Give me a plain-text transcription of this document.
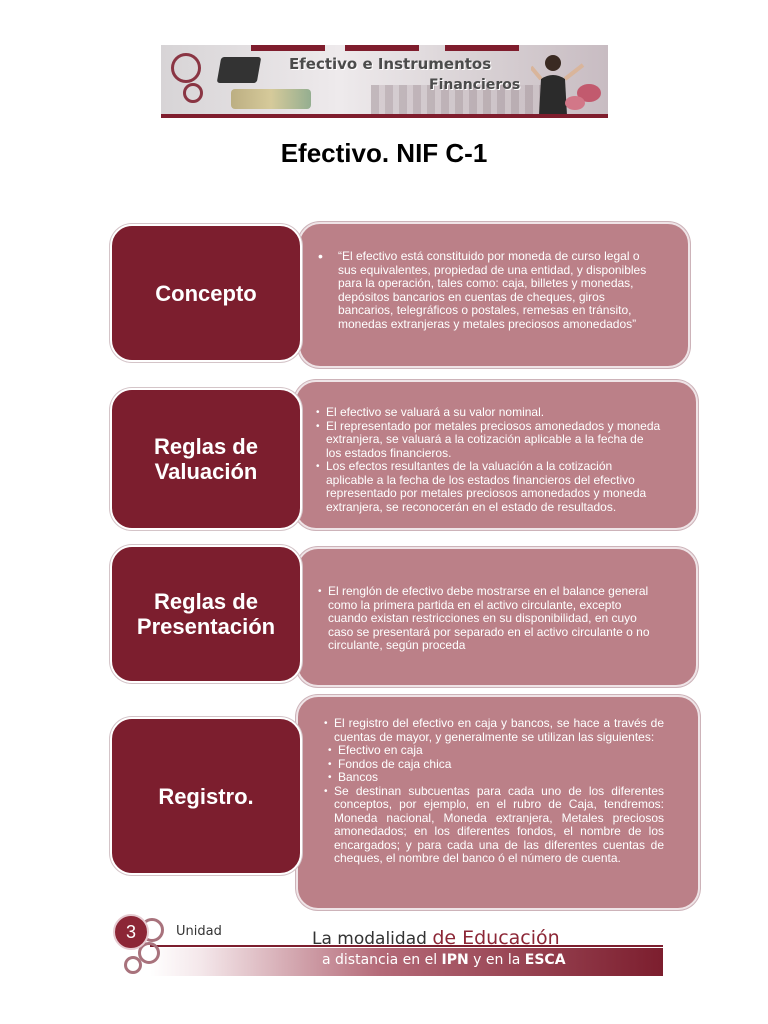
Efectivo e Instrumentos
Financieros
Efectivo. NIF C-1
Concepto
• “El efectivo está constituido por moneda de curso legal o sus equivalentes, propiedad de una entidad, y disponibles para la operación, tales como: caja, billetes y monedas, depósitos bancarios en cuentas de cheques, giros bancarios, telegráficos o postales, remesas en tránsito, monedas extranjeras y metales preciosos amonedados”
Reglas de
Valuación
• El efectivo se valuará a su valor nominal.
• El representado por metales preciosos amonedados y moneda extranjera, se valuará a la cotización aplicable a la fecha de los estados financieros.
• Los efectos resultantes de la valuación a la cotización aplicable a la fecha de los estados financieros del efectivo representado por metales preciosos amonedados y moneda extranjera, se reconocerán en el estado de resultados.
Reglas de
Presentación
• El renglón de efectivo debe mostrarse en el balance general como la primera partida en el activo circulante, excepto cuando existan restricciones en su disponibilidad, en cuyo caso se presentará por separado en el activo circulante o no circulante, según proceda
Registro.
• El registro del efectivo en caja y bancos, se hace a través de cuentas de mayor, y generalmente se utilizan las siguientes:
• Efectivo en caja
• Fondos de caja chica
• Bancos
• Se destinan subcuentas para cada uno de los diferentes conceptos, por ejemplo, en el rubro de Caja, tendremos: Moneda nacional, Moneda extranjera, Metales preciosos amonedados; en los diferentes fondos, el nombre de los encargados; y para cada una de las diferentes cuentas de cheques, el nombre del banco ó el número de cuenta.
3	Unidad	La modalidad de Educación
a distancia en el IPN y en la ESCA
